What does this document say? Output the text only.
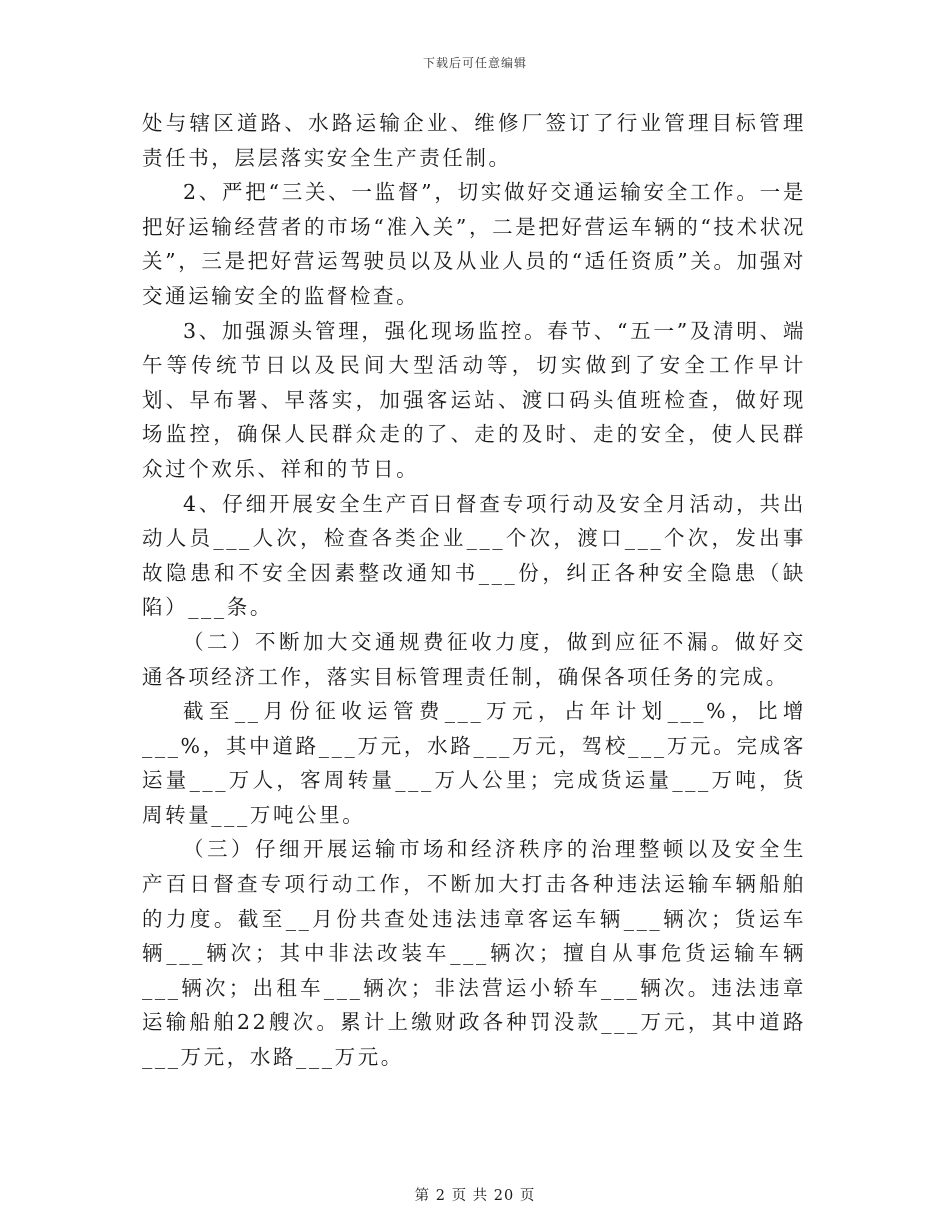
下载后可任意编辑

处与辖区道路、水路运输企业、维修厂签订了行业管理目标管理责任书，层层落实安全生产责任制。

2、严把“三关、一监督”，切实做好交通运输安全工作。一是把好运输经营者的市场“准入关”，二是把好营运车辆的“技术状况关”，三是把好营运驾驶员以及从业人员的“适任资质”关。加强对交通运输安全的监督检查。

3、加强源头管理，强化现场监控。春节、“五一”及清明、端午等传统节日以及民间大型活动等，切实做到了安全工作早计划、早布署、早落实，加强客运站、渡口码头值班检查，做好现场监控，确保人民群众走的了、走的及时、走的安全，使人民群众过个欢乐、祥和的节日。

4、仔细开展安全生产百日督查专项行动及安全月活动，共出动人员___人次，检查各类企业___个次，渡口___个次，发出事故隐患和不安全因素整改通知书___份，纠正各种安全隐患（缺陷）___条。

（二）不断加大交通规费征收力度，做到应征不漏。做好交通各项经济工作，落实目标管理责任制，确保各项任务的完成。

截至__月份征收运管费___万元，占年计划___%，比增___%，其中道路___万元，水路___万元，驾校___万元。完成客运量___万人，客周转量___万人公里；完成货运量___万吨，货周转量___万吨公里。

（三）仔细开展运输市场和经济秩序的治理整顿以及安全生产百日督查专项行动工作，不断加大打击各种违法运输车辆船舶的力度。截至__月份共查处违法违章客运车辆___辆次；货运车辆___辆次；其中非法改装车___辆次；擅自从事危货运输车辆___辆次；出租车___辆次；非法营运小轿车___辆次。违法违章运输船舶22艘次。累计上缴财政各种罚没款___万元，其中道路___万元，水路___万元。

第 2 页 共 20 页
